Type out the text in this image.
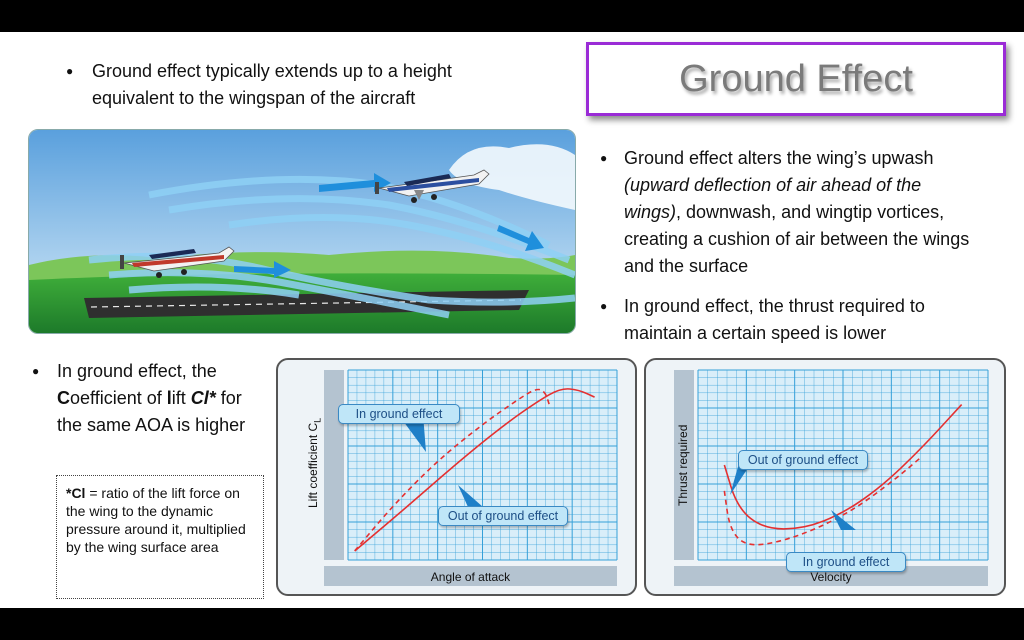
●	Ground effect typically extends up to a height equivalent to the wingspan of the aircraft	Ground Effect
● Ground effect alters the wing’s upwash (upward deflection of air ahead of the wings), downwash, and wingtip vortices, creating a cushion of air between the wings and the surface
● In ground effect, the thrust required to maintain a certain speed is lower
● In ground effect, the Coefficient of lift Cl* for the same AOA is higher
*Cl = ratio of the lift force on the wing to the dynamic pressure around it, multiplied by the wing surface area
In ground effect
Out of ground effect
Angle of attack
Lift coefficient $C_L$
Out of ground effect
In ground effect
Velocity
Thrust required
